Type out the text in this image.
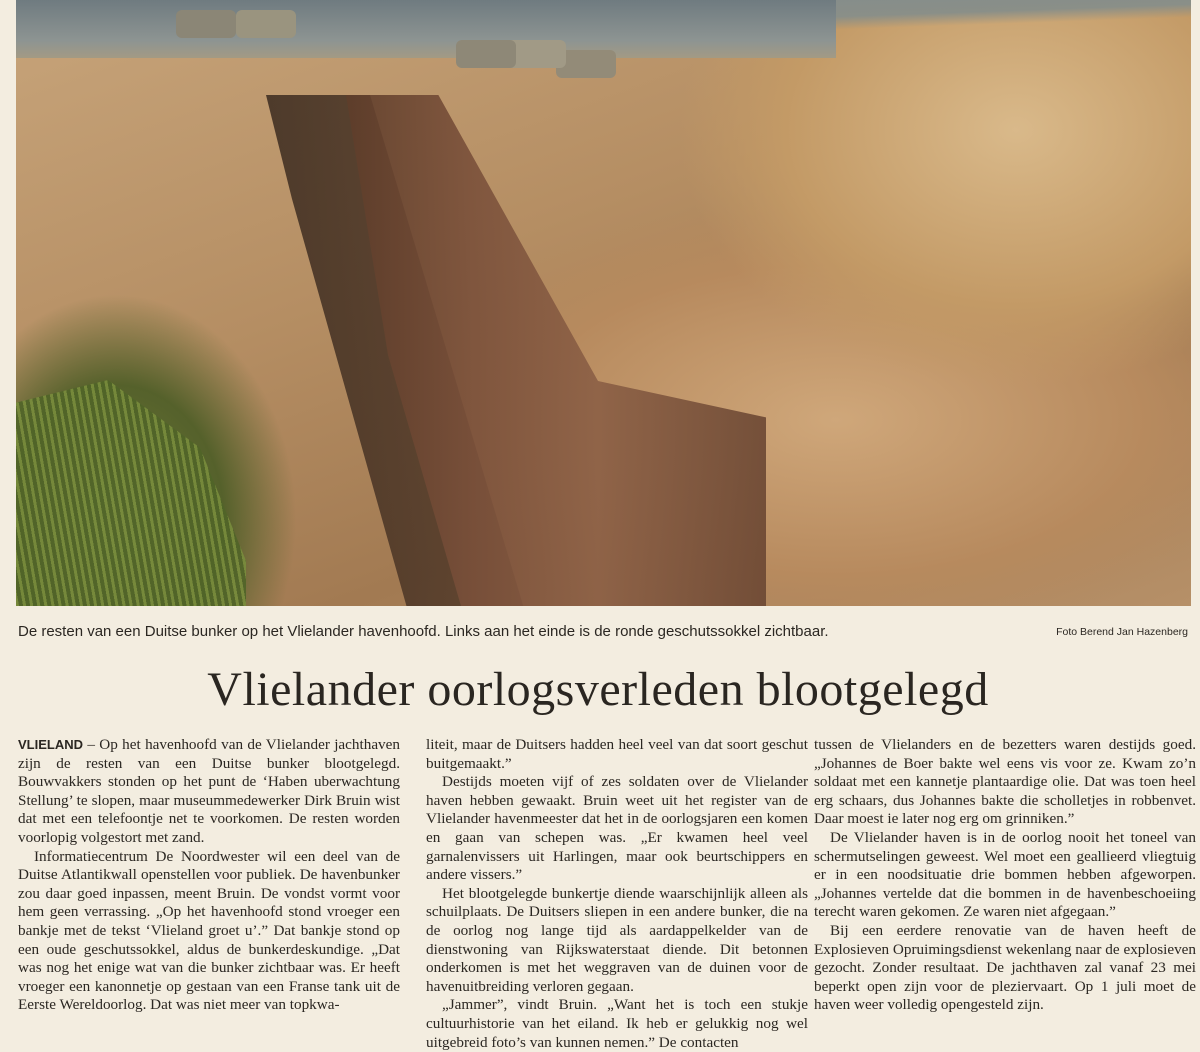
De resten van een Duitse bunker op het Vlielander havenhoofd. Links aan het einde is de ronde geschutssokkel zichtbaar.	Foto Berend Jan Hazenberg
Vlielander oorlogsverleden blootgelegd

VLIELAND – Op het havenhoofd van de Vlielander jachthaven zijn de resten van een Duitse bunker blootgelegd. Bouwvakkers stonden op het punt de ‘Haben uberwachtung Stellung’ te slopen, maar museummedewerker Dirk Bruin wist dat met een telefoontje net te voorkomen. De resten worden voorlopig volgestort met zand.

Informatiecentrum De Noordwester wil een deel van de Duitse Atlantikwall openstellen voor publiek. De havenbunker zou daar goed inpassen, meent Bruin. De vondst vormt voor hem geen verrassing. „Op het havenhoofd stond vroeger een bankje met de tekst ‘Vlieland groet u’.” Dat bankje stond op een oude geschutssokkel, aldus de bunkerdeskundige. „Dat was nog het enige wat van die bunker zichtbaar was. Er heeft vroeger een kanonnetje op gestaan van een Franse tank uit de Eerste Wereldoorlog. Dat was niet meer van topkwa-

liteit, maar de Duitsers hadden heel veel van dat soort geschut buitgemaakt.”

Destijds moeten vijf of zes soldaten over de Vlielander haven hebben gewaakt. Bruin weet uit het register van de Vlielander havenmeester dat het in de oorlogsjaren een komen en gaan van schepen was. „Er kwamen heel veel garnalenvissers uit Harlingen, maar ook beurtschippers en andere vissers.”

Het blootgelegde bunkertje diende waarschijnlijk alleen als schuilplaats. De Duitsers sliepen in een andere bunker, die na de oorlog nog lange tijd als aardappelkelder van de dienstwoning van Rijkswaterstaat diende. Dit betonnen onderkomen is met het weggraven van de duinen voor de havenuitbreiding verloren gegaan.

„Jammer”, vindt Bruin. „Want het is toch een stukje cultuurhistorie van het eiland. Ik heb er gelukkig nog wel uitgebreid foto’s van kunnen nemen.” De contacten

tussen de Vlielanders en de bezetters waren destijds goed. „Johannes de Boer bakte wel eens vis voor ze. Kwam zo’n soldaat met een kannetje plantaardige olie. Dat was toen heel erg schaars, dus Johannes bakte die scholletjes in robbenvet. Daar moest ie later nog erg om grinniken.”

De Vlielander haven is in de oorlog nooit het toneel van schermutselingen geweest. Wel moet een geallieerd vliegtuig er in een noodsituatie drie bommen hebben afgeworpen. „Johannes vertelde dat die bommen in de havenbeschoeiing terecht waren gekomen. Ze waren niet afgegaan.”

Bij een eerdere renovatie van de haven heeft de Explosieven Opruimingsdienst wekenlang naar de explosieven gezocht. Zonder resultaat. De jachthaven zal vanaf 23 mei beperkt open zijn voor de pleziervaart. Op 1 juli moet de haven weer volledig opengesteld zijn.
